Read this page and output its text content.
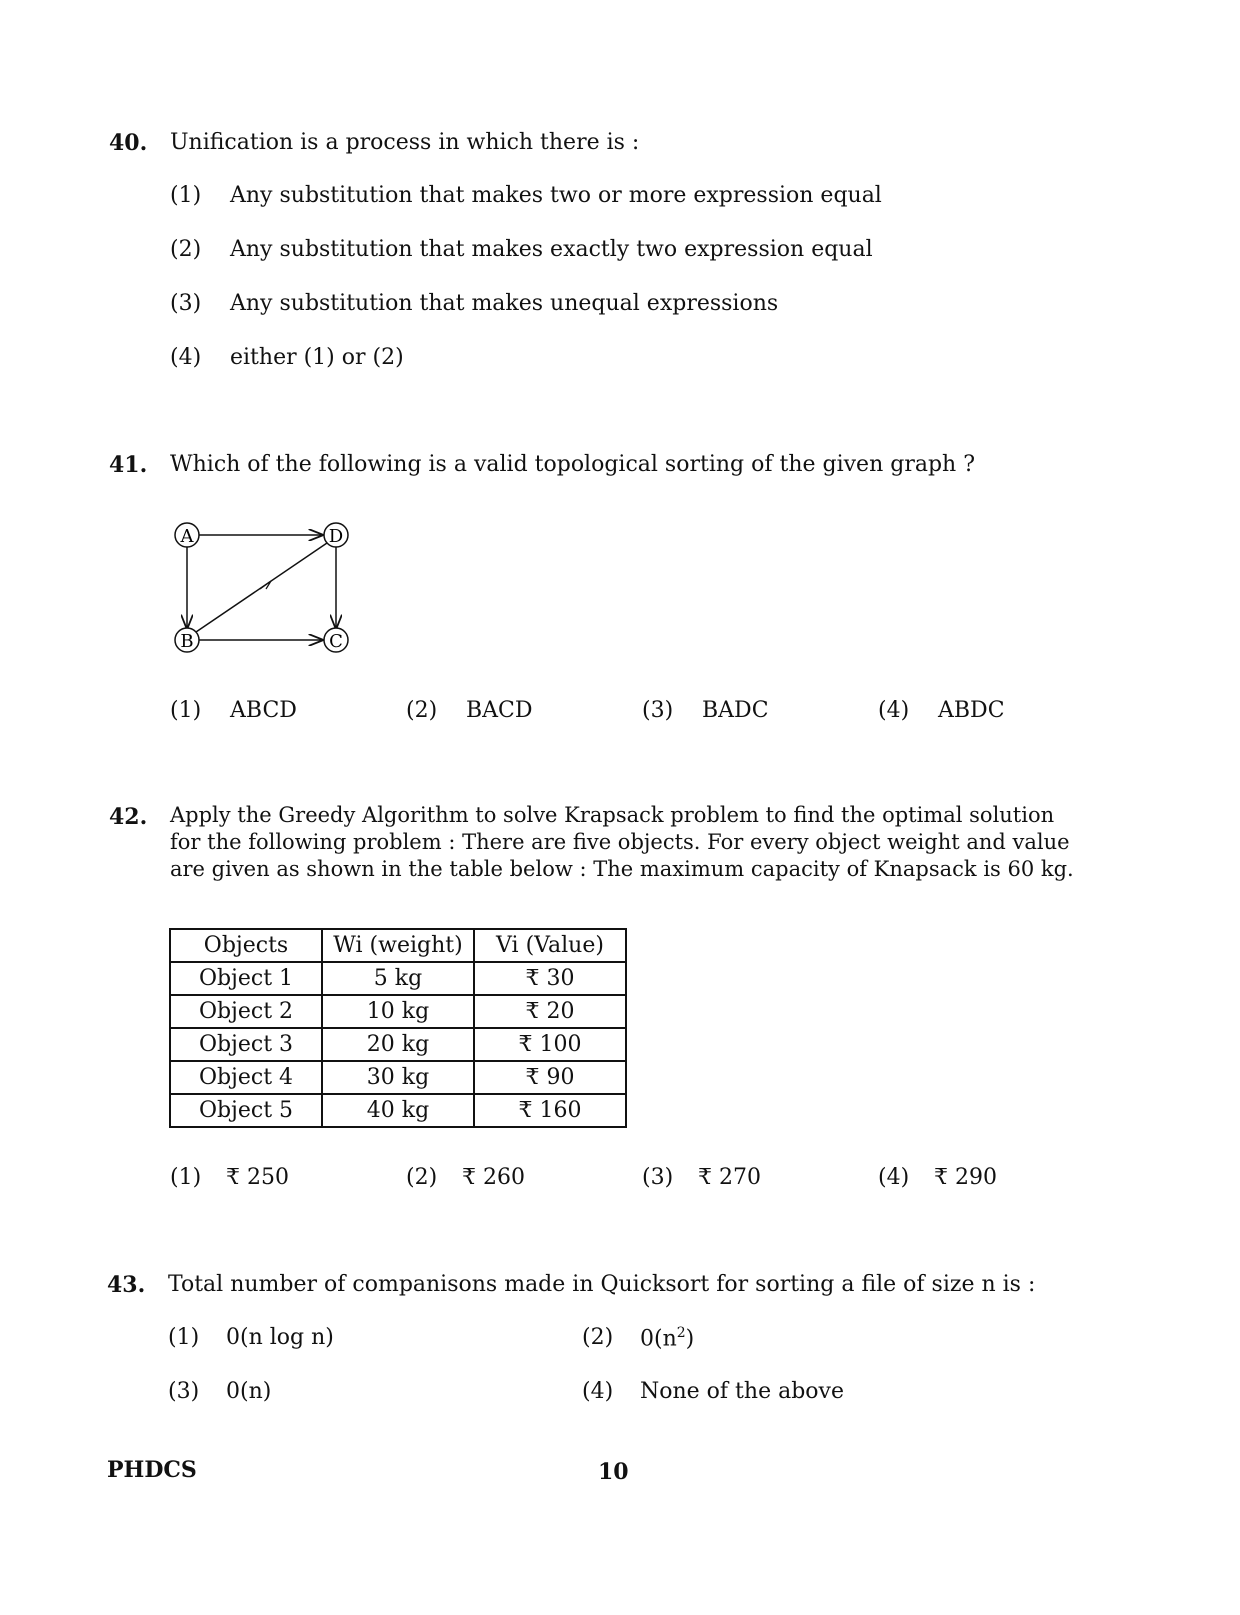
40. Unification is a process in which there is :
(1) Any substitution that makes two or more expression equal
(2) Any substitution that makes exactly two expression equal
(3) Any substitution that makes unequal expressions
(4) either (1) or (2)
41. Which of the following is a valid topological sorting of the given graph ?
A	D
B	C
(1) ABCD	(2) BACD	(3) BADC	(4) ABDC
42. Apply the Greedy Algorithm to solve Krapsack problem to find the optimal solution
for the following problem : There are five objects. For every object weight and value
are given as shown in the table below : The maximum capacity of Knapsack is 60 kg.
Objects	Wi (weight)	Vi (Value)
Object 1	5 kg	₹ 30
Object 2	10 kg	₹ 20
Object 3	20 kg	₹ 100
Object 4	30 kg	₹ 90
Object 5	40 kg	₹ 160
(1) ₹ 250	(2) ₹ 260	(3) ₹ 270	(4) ₹ 290
43. Total number of companisons made in Quicksort for sorting a file of size n is :
(1) 0(n log n)	(2) $0(n^2)$
(3) 0(n)	(4) None of the above
PHDCS	10
